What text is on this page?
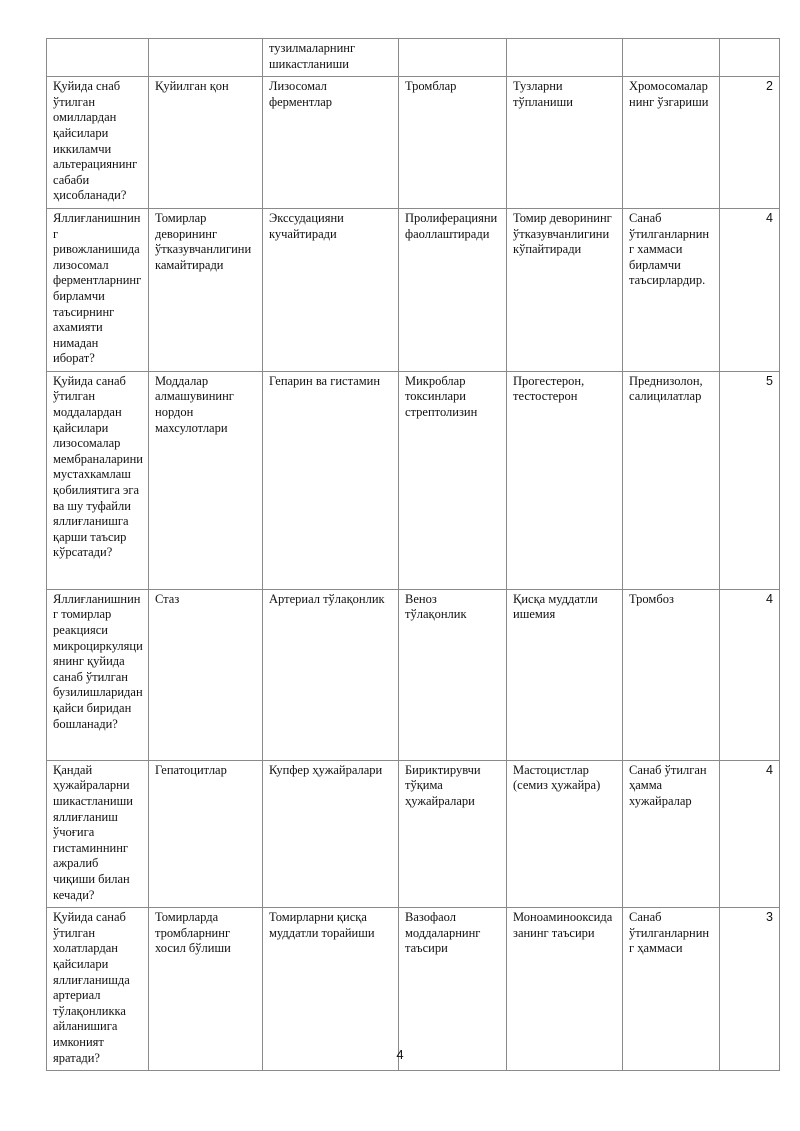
		тузилмаларнинг шикастланиши				
Қуйида снаб ўтилган омиллардан қайсилари иккиламчи альтерациянинг сабаби ҳисобланади?	Қуйилган қон	Лизосомал ферментлар	Тромблар	Тузларни тўпланиши	Хромосомаларнинг ўзгариши	2
Яллиғланишнинг ривожланишида лизосомал ферментларнинг бирламчи таъсирнинг ахамияти нимадан иборат?	Томирлар деворининг ўтказувчанлигини камайтиради	Экссудацияни кучайтиради	Пролиферацияни фаоллаштиради	Томир деворининг ўтказувчанлигини кўпайтиради	Санаб ўтилганларнинг хаммаси бирламчи таъсирлардир.	4
Қуйида санаб ўтилган моддалардан қайсилари лизосомалар мембраналарини мустахкамлаш қобилиятига эга ва шу туфайли яллиғланишга қарши таъсир кўрсатади?	Моддалар алмашувининг нордон махсулотлари	Гепарин ва гистамин	Микроблар токсинлари стрептолизин	Прогестерон, тестостерон	Преднизолон, салицилатлар	5
Яллиғланишнинг томирлар реакцияси микроциркуляциянинг қуйида санаб ўтилган бузилишларидан қайси биридан бошланади?	Стаз	Артериал тўлақонлик	Веноз тўлақонлик	Қисқа муддатли ишемия	Тромбоз	4
Қандай ҳужайраларни шикастланиши яллиғланиш ўчоғига гистаминнинг ажралиб чиқиши билан кечади?	Гепатоцитлар	Купфер ҳужайралари	Бириктирувчи тўқима ҳужайралари	Мастоцистлар (семиз ҳужайра)	Санаб ўтилган ҳамма хужайралар	4
Қуйида санаб ўтилган холатлардан қайсилари яллиғланишда артериал тўлақонликка айланишига имконият яратади?	Томирларда тромбларнинг хосил бўлиши	Томирларни қисқа муддатли торайиши	Вазофаол моддаларнинг таъсири	Моноаминооксидазанинг таъсири	Санаб ўтилганларнинг ҳаммаси	3
4
